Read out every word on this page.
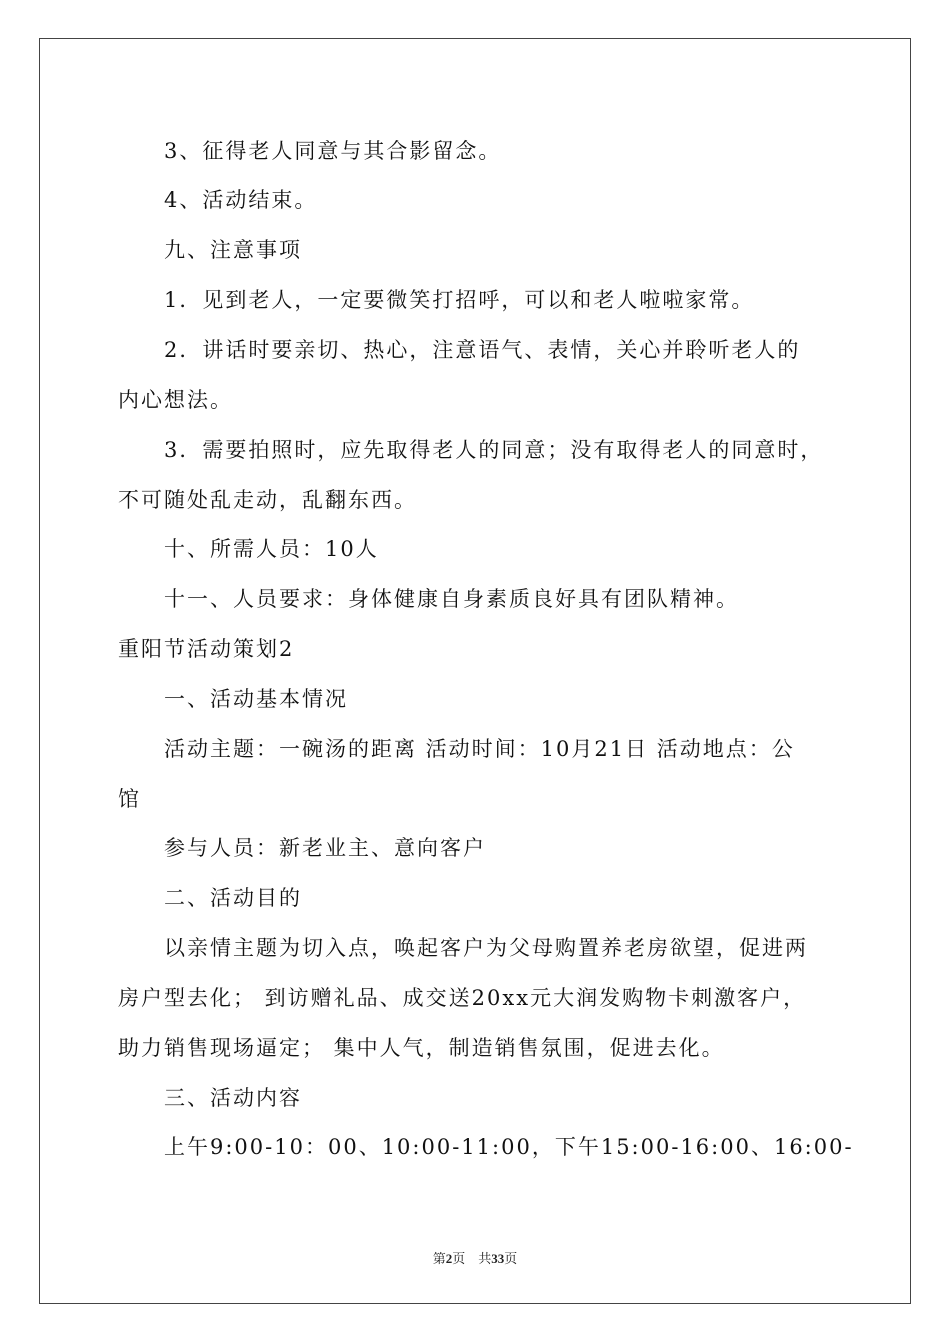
3、征得老人同意与其合影留念。
4、活动结束。
九、注意事项
1．见到老人，一定要微笑打招呼，可以和老人啦啦家常。
2．讲话时要亲切、热心，注意语气、表情，关心并聆听老人的
内心想法。
3．需要拍照时，应先取得老人的同意；没有取得老人的同意时，
不可随处乱走动，乱翻东西。
十、所需人员：10人
十一、人员要求：身体健康自身素质良好具有团队精神。
重阳节活动策划2
一、活动基本情况
活动主题：一碗汤的距离 活动时间：10月21日 活动地点：公
馆
参与人员：新老业主、意向客户
二、活动目的
以亲情主题为切入点，唤起客户为父母购置养老房欲望，促进两
房户型去化； 到访赠礼品、成交送20xx元大润发购物卡刺激客户，
助力销售现场逼定； 集中人气，制造销售氛围，促进去化。
三、活动内容
上午9:00-10：00、10:00-11:00，下午15:00-16:00、16:00-
第2页　共33页
